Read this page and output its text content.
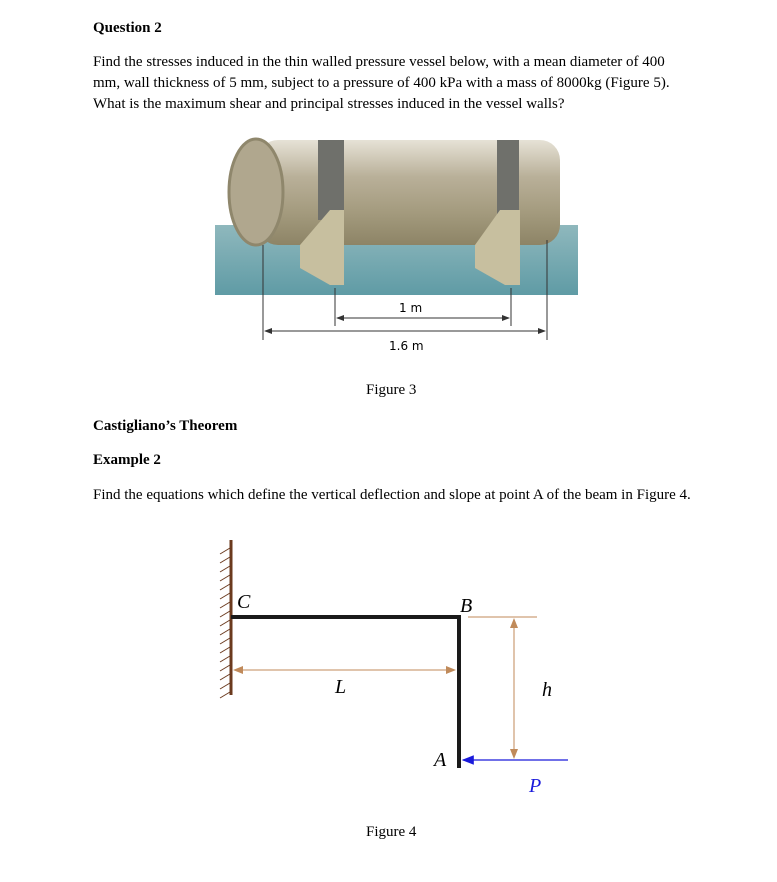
Question 2
Find the stresses induced in the thin walled pressure vessel below, with a mean diameter of 400 mm, wall thickness of 5 mm, subject to a pressure of 400 kPa with a mass of 8000kg (Figure 5). What is the maximum shear and principal stresses induced in the vessel walls?
1 m
1.6 m
Figure 3
Castigliano’s Theorem
Example 2
Find the equations which define the vertical deflection and slope at point A of the beam in Figure 4.
C	B
L	h
A
P
Figure 4
